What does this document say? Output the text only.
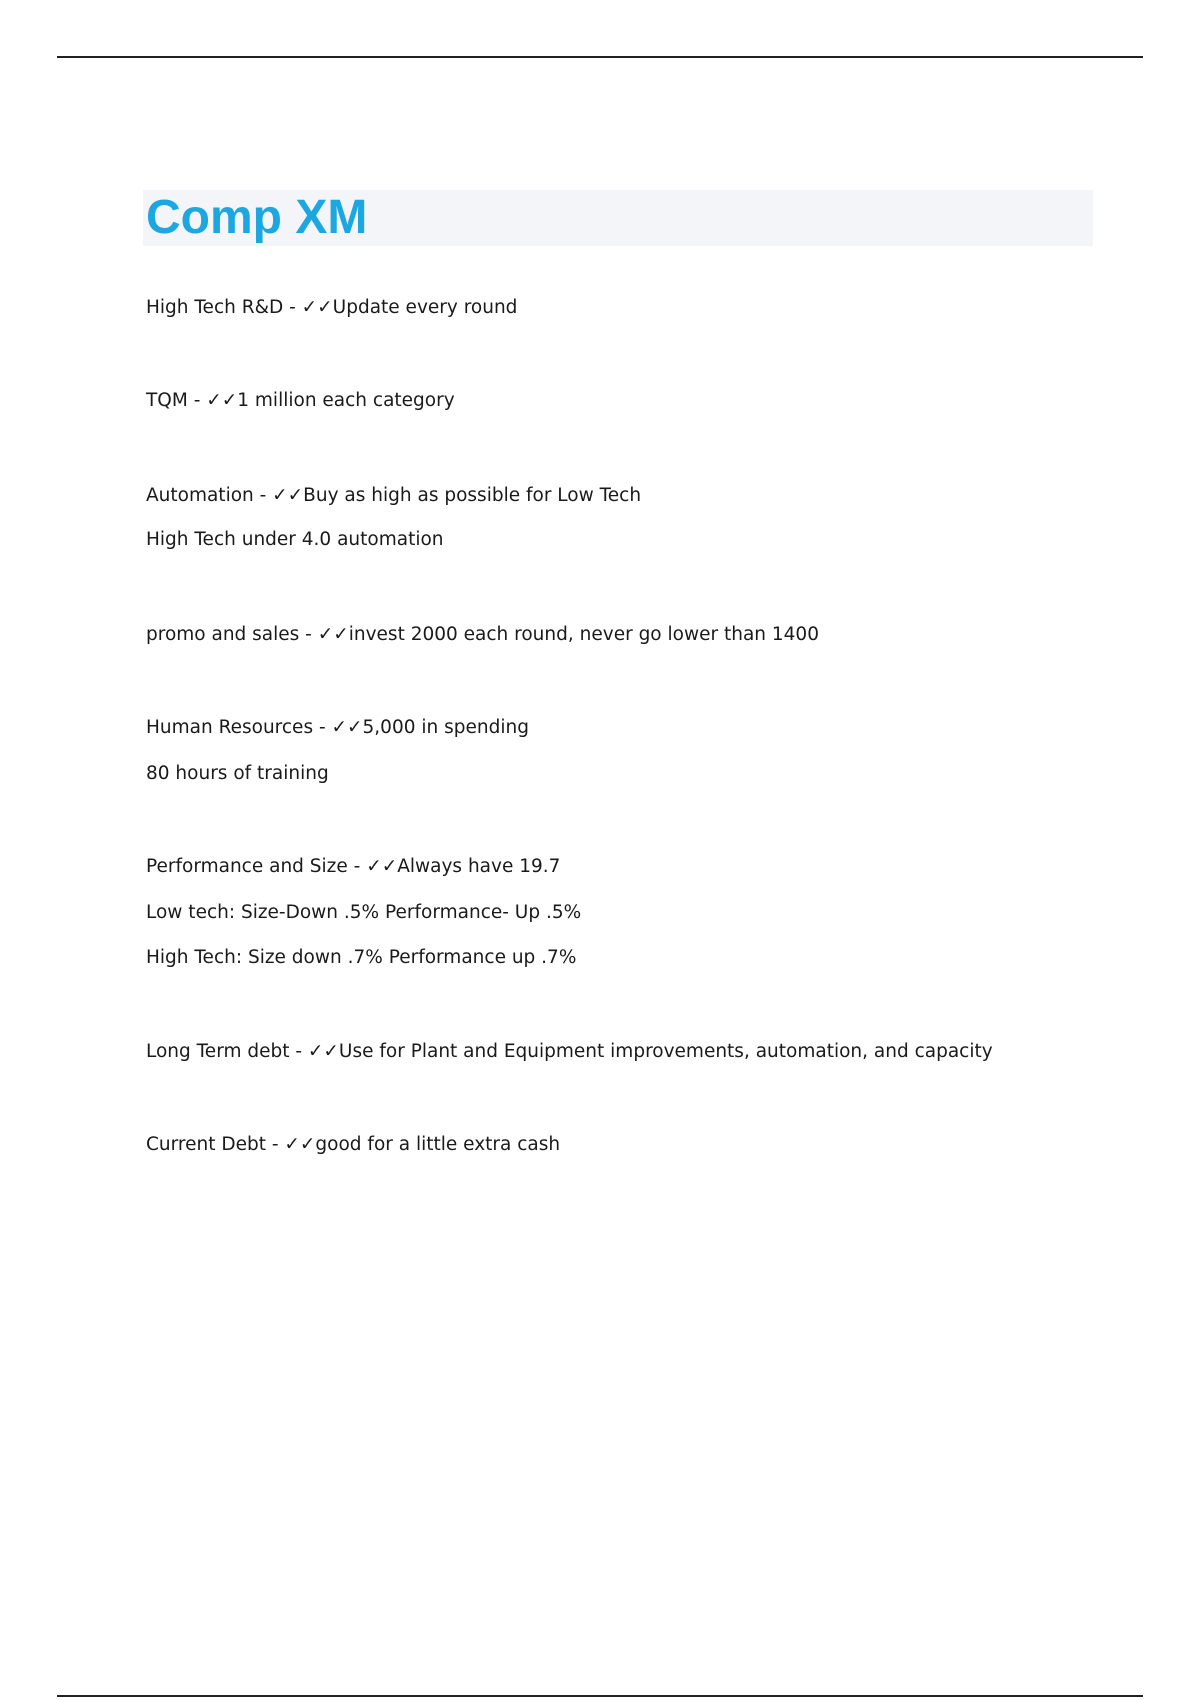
Comp XM

High Tech R&D - ✓✓Update every round

TQM - ✓✓1 million each category

Automation - ✓✓Buy as high as possible for Low Tech

High Tech under 4.0 automation

promo and sales - ✓✓invest 2000 each round, never go lower than 1400

Human Resources - ✓✓5,000 in spending

80 hours of training

Performance and Size - ✓✓Always have 19.7

Low tech: Size-Down .5% Performance- Up .5%

High Tech: Size down .7% Performance up .7%

Long Term debt - ✓✓Use for Plant and Equipment improvements, automation, and capacity

Current Debt - ✓✓good for a little extra cash
